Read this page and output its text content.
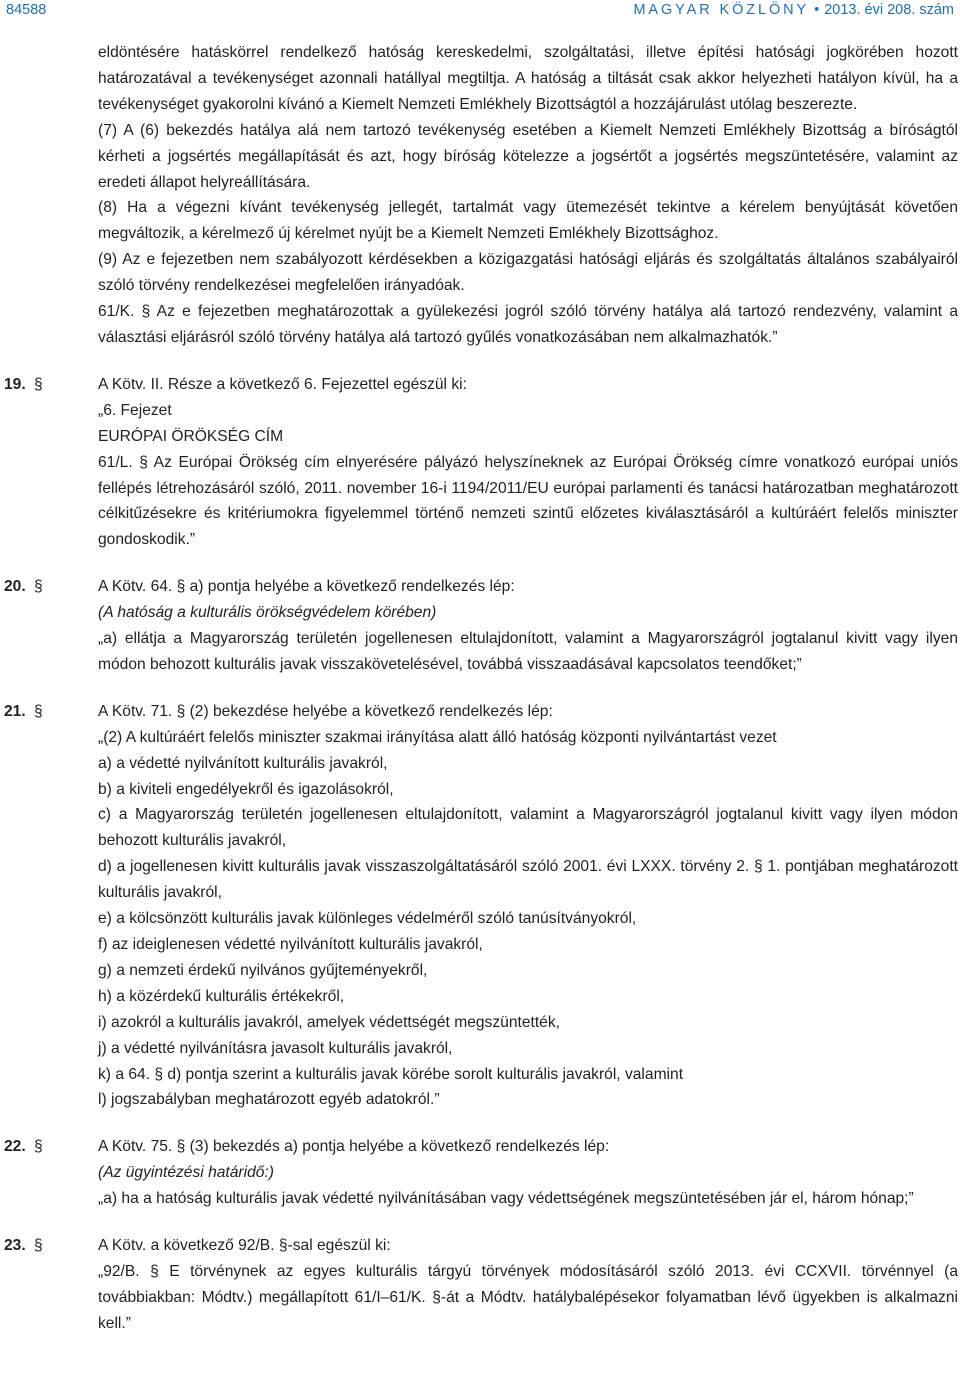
84588	MAGYAR KÖZLÖNY • 2013. évi 208. szám

eldöntésére hatáskörrel rendelkező hatóság kereskedelmi, szolgáltatási, illetve építési hatósági jogkörében hozott határozatával a tevékenységet azonnali hatállyal megtiltja. A hatóság a tiltását csak akkor helyezheti hatályon kívül, ha a tevékenységet gyakorolni kívánó a Kiemelt Nemzeti Emlékhely Bizottságtól a hozzájárulást utólag beszerezte.

(7) A (6) bekezdés hatálya alá nem tartozó tevékenység esetében a Kiemelt Nemzeti Emlékhely Bizottság a bíróságtól kérheti a jogsértés megállapítását és azt, hogy bíróság kötelezze a jogsértőt a jogsértés megszüntetésére, valamint az eredeti állapot helyreállítására.

(8) Ha a végezni kívánt tevékenység jellegét, tartalmát vagy ütemezését tekintve a kérelem benyújtását követően megváltozik, a kérelmező új kérelmet nyújt be a Kiemelt Nemzeti Emlékhely Bizottsághoz.

(9) Az e fejezetben nem szabályozott kérdésekben a közigazgatási hatósági eljárás és szolgáltatás általános szabályairól szóló törvény rendelkezései megfelelően irányadóak.

61/K. § Az e fejezetben meghatározottak a gyülekezési jogról szóló törvény hatálya alá tartozó rendezvény, valamint a választási eljárásról szóló törvény hatálya alá tartozó gyűlés vonatkozásában nem alkalmazhatók.”

19. §	A Kötv. II. Része a következő 6. Fejezettel egészül ki:

„6. Fejezet

EURÓPAI ÖRÖKSÉG CÍM

61/L. § Az Európai Örökség cím elnyerésére pályázó helyszíneknek az Európai Örökség címre vonatkozó európai uniós fellépés létrehozásáról szóló, 2011. november 16-i 1194/2011/EU európai parlamenti és tanácsi határozatban meghatározott célkitűzésekre és kritériumokra figyelemmel történő nemzeti szintű előzetes kiválasztásáról a kultúráért felelős miniszter gondoskodik.”

20. §	A Kötv. 64. § a) pontja helyébe a következő rendelkezés lép:

(A hatóság a kulturális örökségvédelem körében)

„a) ellátja a Magyarország területén jogellenesen eltulajdonított, valamint a Magyarországról jogtalanul kivitt vagy ilyen módon behozott kulturális javak visszakövetelésével, továbbá visszaadásával kapcsolatos teendőket;”

21. §	A Kötv. 71. § (2) bekezdése helyébe a következő rendelkezés lép:

„(2) A kultúráért felelős miniszter szakmai irányítása alatt álló hatóság központi nyilvántartást vezet

a) a védetté nyilvánított kulturális javakról,

b) a kiviteli engedélyekről és igazolásokról,

c) a Magyarország területén jogellenesen eltulajdonított, valamint a Magyarországról jogtalanul kivitt vagy ilyen módon behozott kulturális javakról,

d) a jogellenesen kivitt kulturális javak visszaszolgáltatásáról szóló 2001. évi LXXX. törvény 2. § 1. pontjában meghatározott kulturális javakról,

e) a kölcsönzött kulturális javak különleges védelméről szóló tanúsítványokról,

f) az ideiglenesen védetté nyilvánított kulturális javakról,

g) a nemzeti érdekű nyilvános gyűjteményekről,

h) a közérdekű kulturális értékekről,

i) azokról a kulturális javakról, amelyek védettségét megszüntették,

j) a védetté nyilvánításra javasolt kulturális javakról,

k) a 64. § d) pontja szerint a kulturális javak körébe sorolt kulturális javakról, valamint

l) jogszabályban meghatározott egyéb adatokról.”

22. §	A Kötv. 75. § (3) bekezdés a) pontja helyébe a következő rendelkezés lép:

(Az ügyintézési határidő:)

„a) ha a hatóság kulturális javak védetté nyilvánításában vagy védettségének megszüntetésében jár el, három hónap;”

23. §	A Kötv. a következő 92/B. §-sal egészül ki:

„92/B. § E törvénynek az egyes kulturális tárgyú törvények módosításáról szóló 2013. évi CCXVII. törvénnyel (a továbbiakban: Módtv.) megállapított 61/I–61/K. §-át a Módtv. hatálybalépésekor folyamatban lévő ügyekben is alkalmazni kell.”
